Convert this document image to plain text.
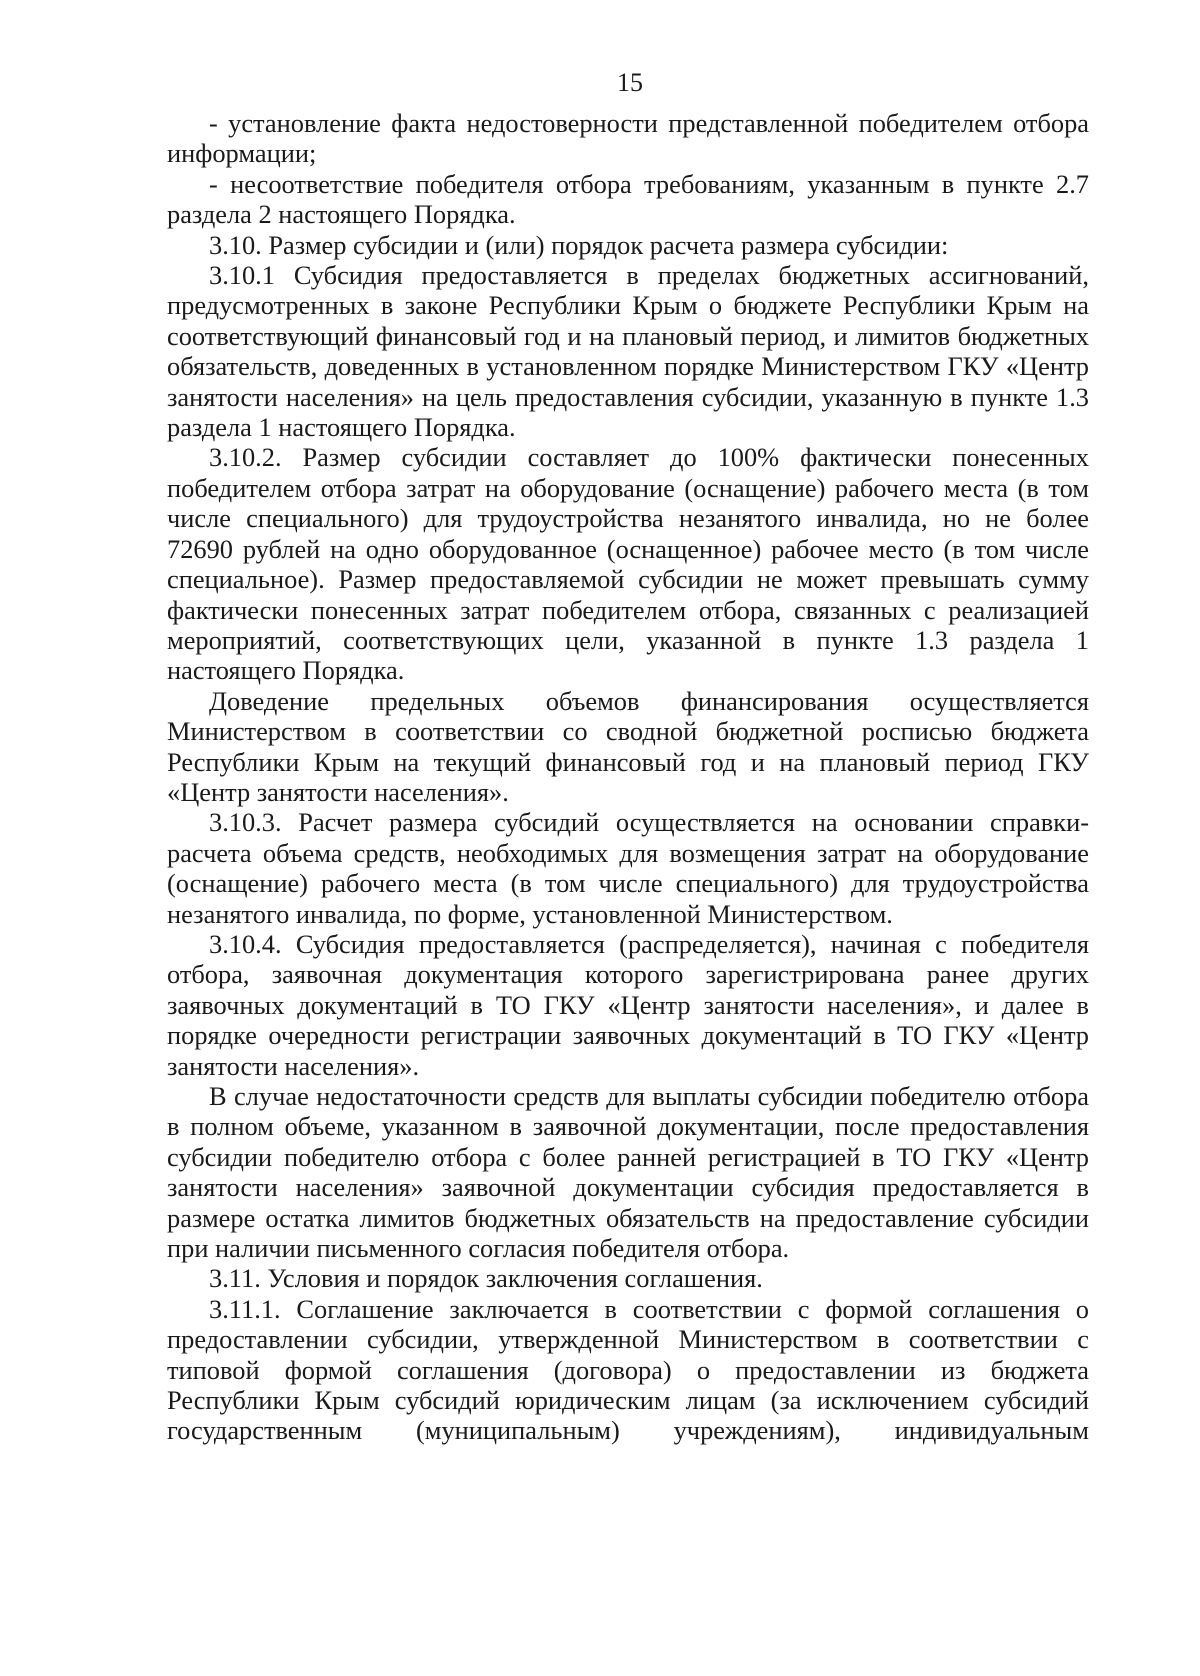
15

- установление факта недостоверности представленной победителем отбора информации;

- несоответствие победителя отбора требованиям, указанным в пункте 2.7 раздела 2 настоящего Порядка.

3.10. Размер субсидии и (или) порядок расчета размера субсидии:

3.10.1 Субсидия предоставляется в пределах бюджетных ассигнований, предусмотренных в законе Республики Крым о бюджете Республики Крым на соответствующий финансовый год и на плановый период, и лимитов бюджетных обязательств, доведенных в установленном порядке Министерством ГКУ «Центр занятости населения» на цель предоставления субсидии, указанную в пункте 1.3 раздела 1 настоящего Порядка.

3.10.2. Размер субсидии составляет до 100% фактически понесенных победителем отбора затрат на оборудование (оснащение) рабочего места (в том числе специального) для трудоустройства незанятого инвалида, но не более 72690 рублей на одно оборудованное (оснащенное) рабочее место (в том числе специальное). Размер предоставляемой субсидии не может превышать сумму фактически понесенных затрат победителем отбора, связанных с реализацией мероприятий, соответствующих цели, указанной в пункте 1.3 раздела 1 настоящего Порядка.

Доведение предельных объемов финансирования осуществляется Министерством в соответствии со сводной бюджетной росписью бюджета Республики Крым на текущий финансовый год и на плановый период ГКУ «Центр занятости населения».

3.10.3. Расчет размера субсидий осуществляется на основании справки-расчета объема средств, необходимых для возмещения затрат на оборудование (оснащение) рабочего места (в том числе специального) для трудоустройства незанятого инвалида, по форме, установленной Министерством.

3.10.4. Субсидия предоставляется (распределяется), начиная с победителя отбора, заявочная документация которого зарегистрирована ранее других заявочных документаций в ТО ГКУ «Центр занятости населения», и далее в порядке очередности регистрации заявочных документаций в ТО ГКУ «Центр занятости населения».

В случае недостаточности средств для выплаты субсидии победителю отбора в полном объеме, указанном в заявочной документации, после предоставления субсидии победителю отбора с более ранней регистрацией в ТО ГКУ «Центр занятости населения» заявочной документации субсидия предоставляется в размере остатка лимитов бюджетных обязательств на предоставление субсидии при наличии письменного согласия победителя отбора.

3.11. Условия и порядок заключения соглашения.

3.11.1. Соглашение заключается в соответствии с формой соглашения о предоставлении субсидии, утвержденной Министерством в соответствии с типовой формой соглашения (договора) о предоставлении из бюджета Республики Крым субсидий юридическим лицам (за исключением субсидий государственным (муниципальным) учреждениям), индивидуальным
